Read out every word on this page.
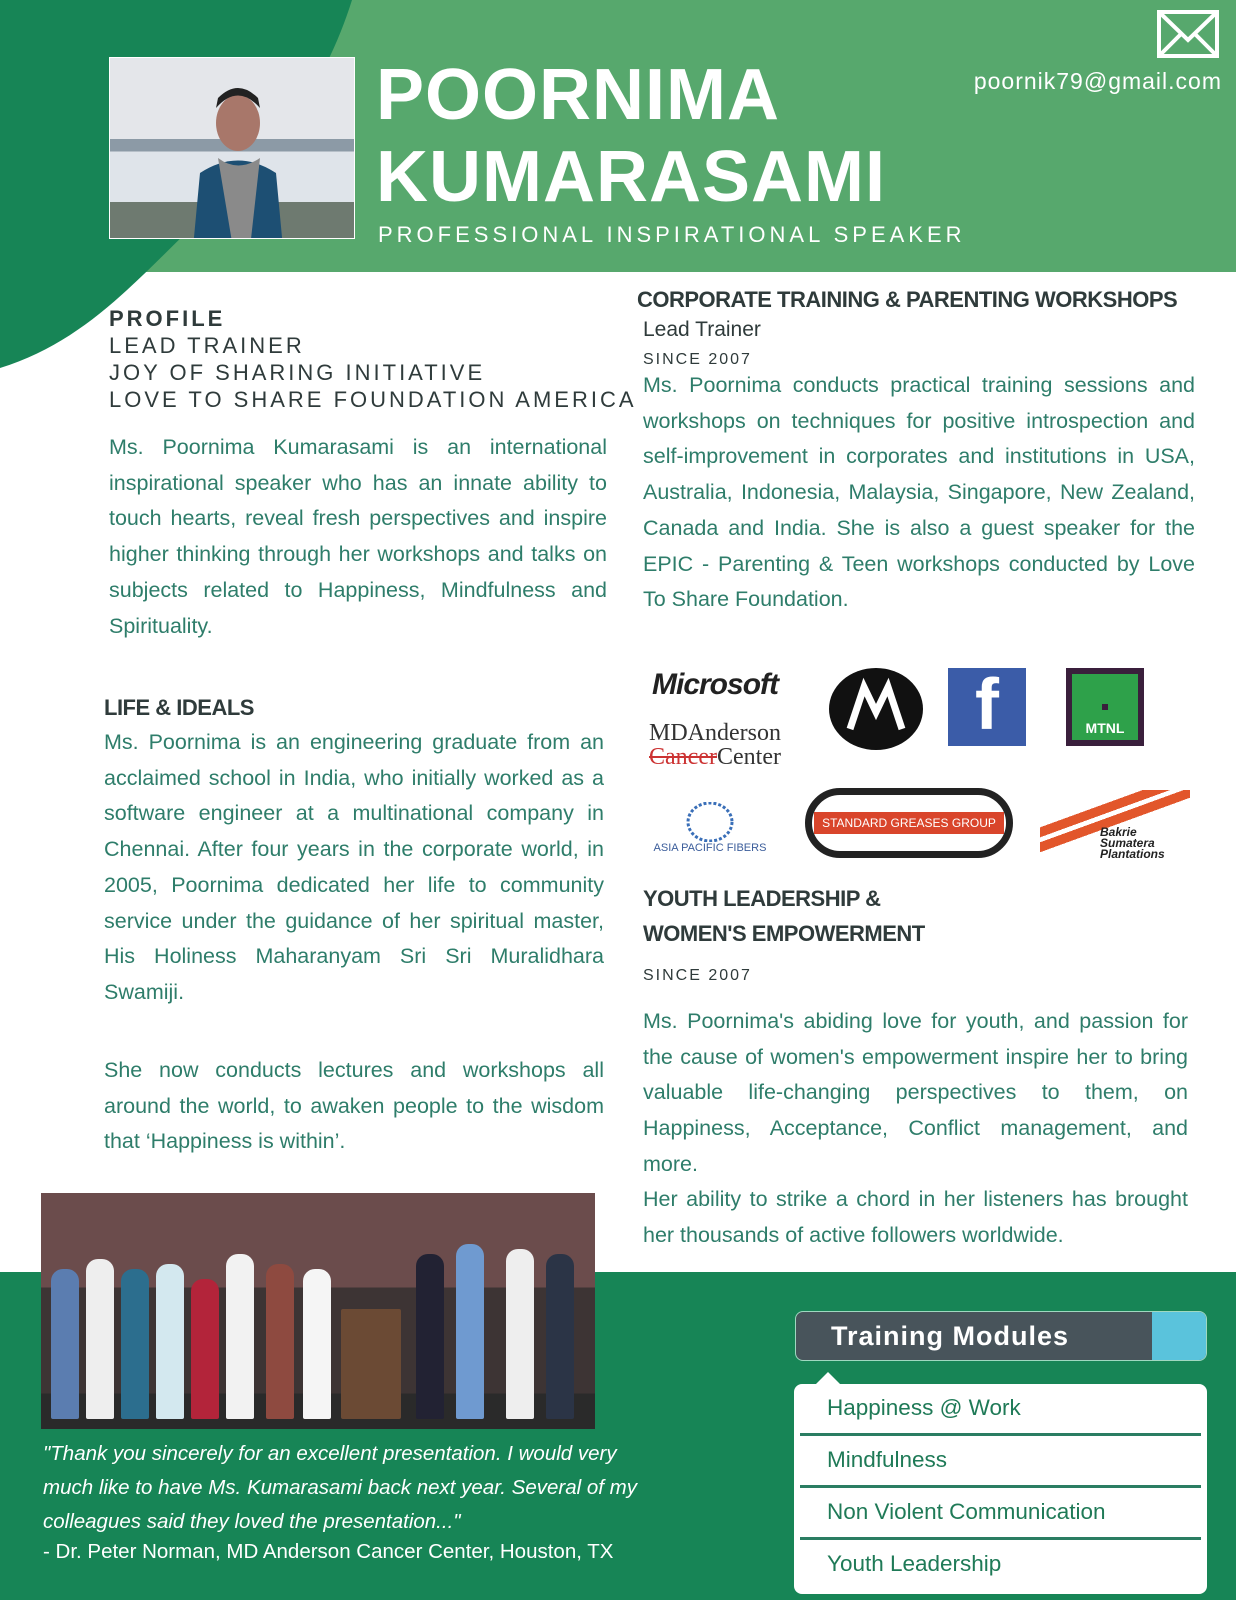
POORNIMA
KUMARASAMI
PROFESSIONAL INSPIRATIONAL SPEAKER
poornik79@gmail.com
PROFILE
LEAD TRAINER
JOY OF SHARING INITIATIVE
LOVE TO SHARE FOUNDATION AMERICA
Ms. Poornima Kumarasami is an international inspirational speaker who has an innate ability to touch hearts, reveal fresh perspectives and inspire higher thinking through her workshops and talks on subjects related to Happiness, Mindfulness and Spirituality.
LIFE & IDEALS
Ms. Poornima is an engineering graduate from an acclaimed school in India, who initially worked as a software engineer at a multinational company in Chennai. After four years in the corporate world, in 2005, Poornima dedicated her life to community service under the guidance of her spiritual master, His Holiness Maharanyam Sri Sri Muralidhara Swamiji.
She now conducts lectures and workshops all around the world, to awaken people to the wisdom that ‘Happiness is within’.
CORPORATE TRAINING & PARENTING WORKSHOPS
Lead Trainer
SINCE 2007
Ms. Poornima conducts practical training sessions and workshops on techniques for positive introspection and self-improvement in corporates and institutions in USA, Australia, Indonesia, Malaysia, Singapore, New Zealand, Canada and India. She is also a guest speaker for the EPIC - Parenting & Teen workshops conducted by Love To Share Foundation.
Microsoft
MDAnderson
CancerCenter
f	MTNL
ASIA PACIFIC FIBERS
STANDARD GREASES GROUP
Bakrie Sumatera Plantations
YOUTH LEADERSHIP &
WOMEN'S EMPOWERMENT
SINCE 2007
Ms. Poornima's abiding love for youth, and passion for the cause of women's empowerment inspire her to bring valuable life-changing perspectives to them, on Happiness, Acceptance, Conflict management, and more.
Her ability to strike a chord in her listeners has brought her thousands of active followers worldwide.
"Thank you sincerely for an excellent presentation. I would very much like to have Ms. Kumarasami back next year. Several of my colleagues said they loved the presentation..."
- Dr. Peter Norman, MD Anderson Cancer Center, Houston, TX
Training Modules
Happiness @ Work
Mindfulness
Non Violent Communication
Youth Leadership
